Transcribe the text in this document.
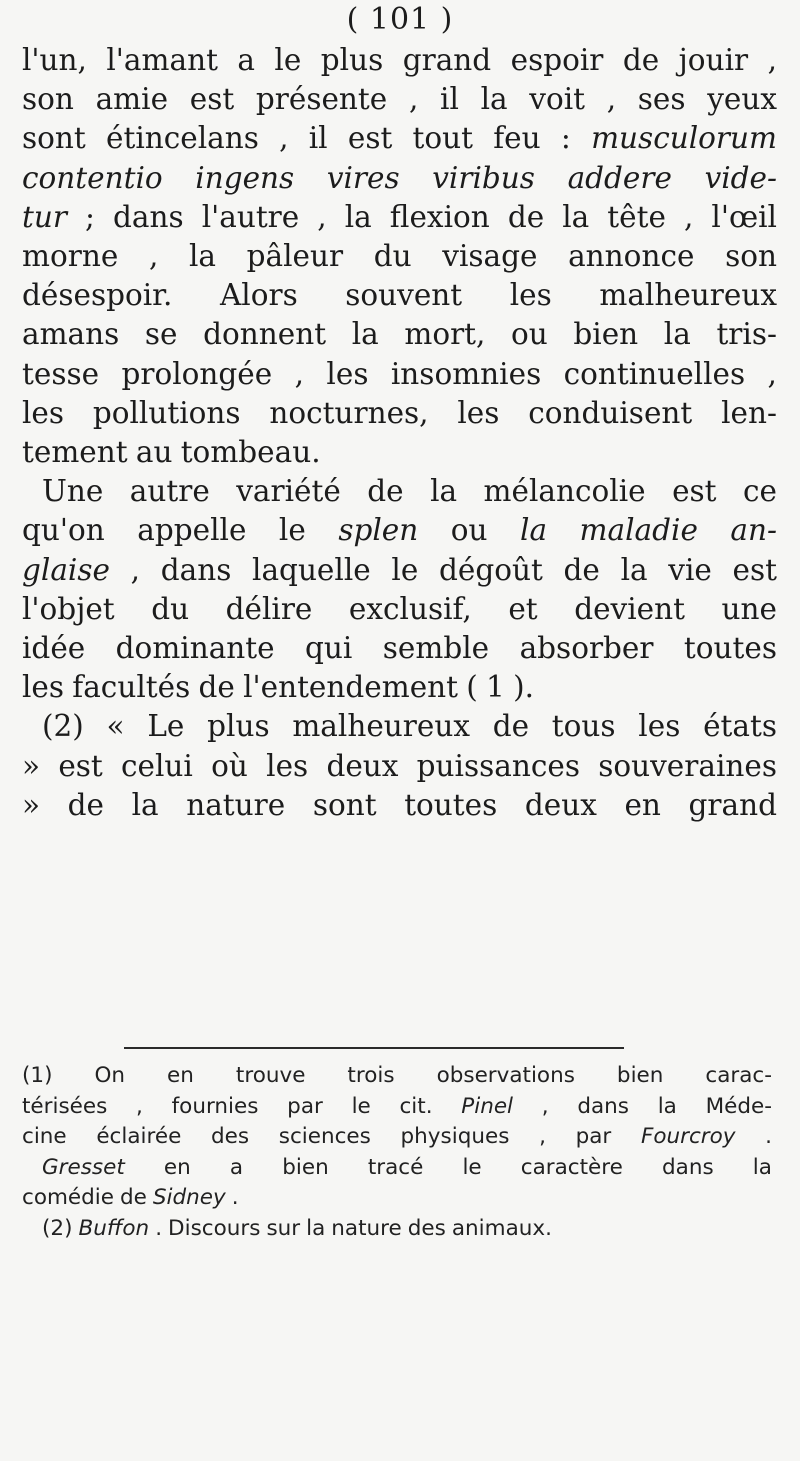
( 101 )
l'un, l'amant a le plus grand espoir de jouir ,
son amie est présente , il la voit , ses yeux
sont étincelans , il est tout feu : musculorum
contentio ingens vires viribus addere vide-
tur ; dans l'autre , la flexion de la tête , l'œil
morne , la pâleur du visage annonce son
désespoir. Alors souvent les malheureux
amans se donnent la mort, ou bien la tris-
tesse prolongée , les insomnies continuelles ,
les pollutions nocturnes, les conduisent len-
tement au tombeau.
Une autre variété de la mélancolie est ce
qu'on appelle le splen ou la maladie an-
glaise , dans laquelle le dégoût de la vie est
l'objet du délire exclusif, et devient une
idée dominante qui semble absorber toutes
les facultés de l'entendement ( 1 ).
(2) « Le plus malheureux de tous les états
» est celui où les deux puissances souveraines
» de la nature sont toutes deux en grand
(1) On en trouve trois observations bien carac-
térisées , fournies par le cit. Pinel , dans la Méde-
cine éclairée des sciences physiques , par Fourcroy .
Gresset en a bien tracé le caractère dans la
comédie de Sidney .
(2) Buffon . Discours sur la nature des animaux.
